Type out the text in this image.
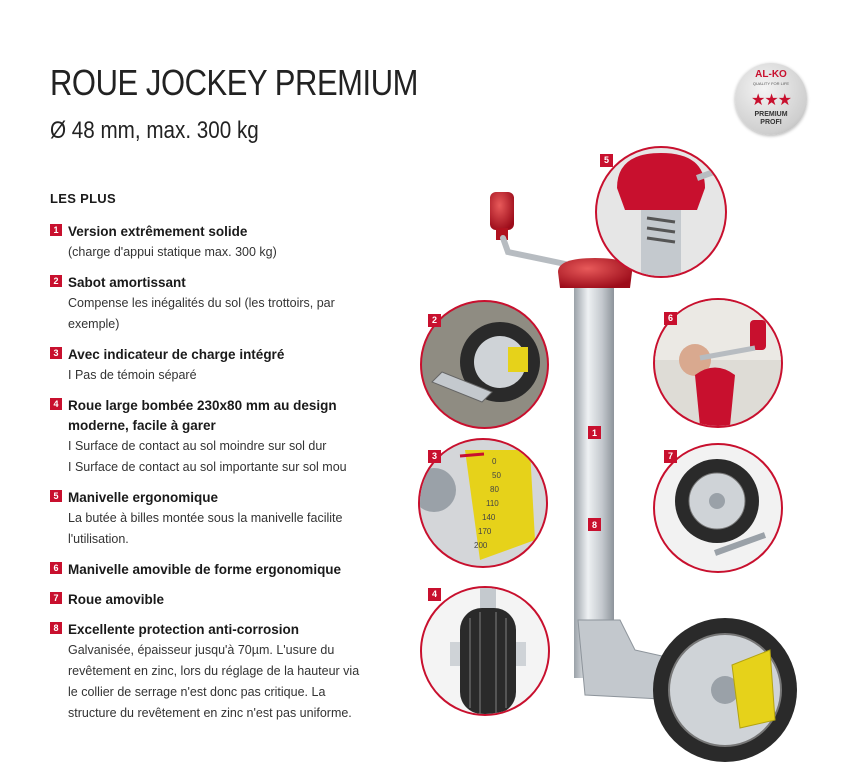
ROUE JOCKEY PREMIUM
Ø 48 mm, max. 300 kg
AL-KO
QUALITY FOR LIFE
★★★
PREMIUM
PROFI
LES PLUS
1 Version extrêmement solide
(charge d'appui statique max. 300 kg)
2 Sabot amortissant
Compense les inégalités du sol (les trottoirs, par exemple)
3 Avec indicateur de charge intégré
I Pas de témoin séparé
4 Roue large bombée 230x80 mm au design moderne, facile à garer
I Surface de contact au sol moindre sur sol dur
I Surface de contact au sol importante sur sol mou
5 Manivelle ergonomique
La butée à billes montée sous la manivelle facilite l'utilisation.
6 Manivelle amovible de forme ergonomique
7 Roue amovible
8 Excellente protection anti-corrosion
Galvanisée, épaisseur jusqu'à 70µm. L'usure du revêtement en zinc, lors du réglage de la hauteur via le collier de serrage n'est donc pas critique. La structure du revêtement en zinc n'est pas uniforme.
1
8
5
2	6
0
50
80
110
140
170
200
3	7
4
